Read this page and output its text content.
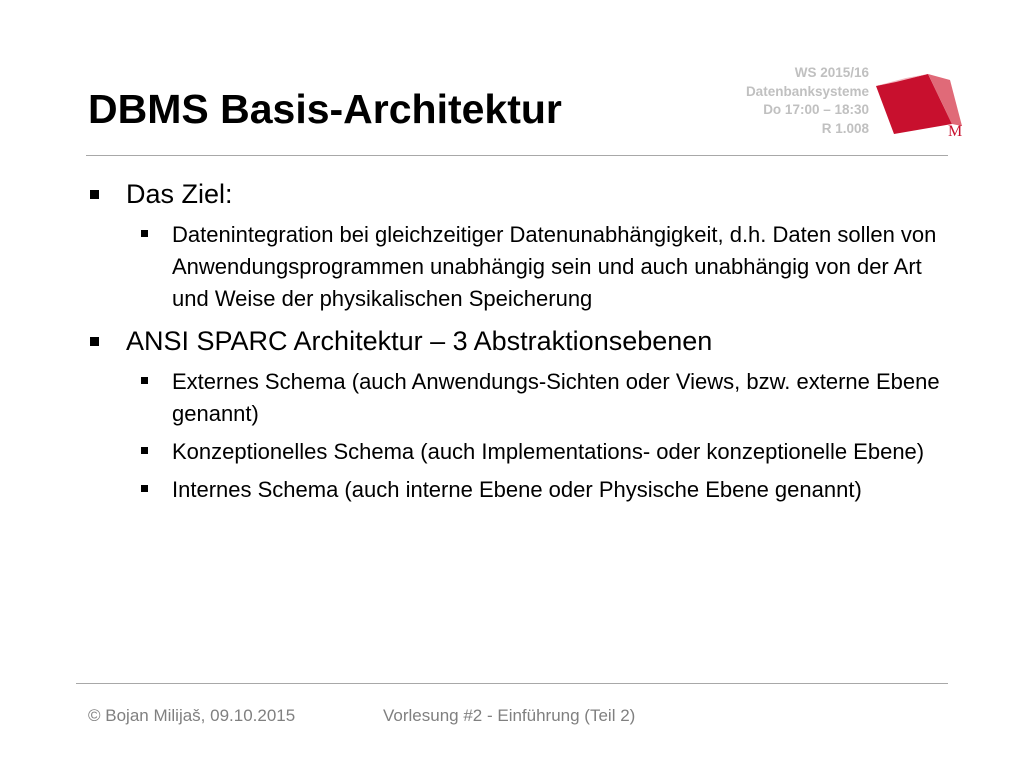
DBMS Basis-Architektur
WS 2015/16
Datenbanksysteme
Do 17:00 – 18:30
R 1.008	M
Das Ziel:
Datenintegration bei gleichzeitiger Datenunabhängigkeit, d.h. Daten sollen von Anwendungsprogrammen unabhängig sein und auch unabhängig von der Art und Weise der physikalischen Speicherung
ANSI SPARC Architektur – 3 Abstraktionsebenen
Externes Schema (auch Anwendungs-Sichten oder Views, bzw. externe Ebene genannt)
Konzeptionelles Schema (auch Implementations- oder konzeptionelle Ebene)
Internes Schema (auch interne Ebene oder Physische Ebene genannt)
© Bojan Milijaš, 09.10.2015	Vorlesung #2 - Einführung (Teil 2)
